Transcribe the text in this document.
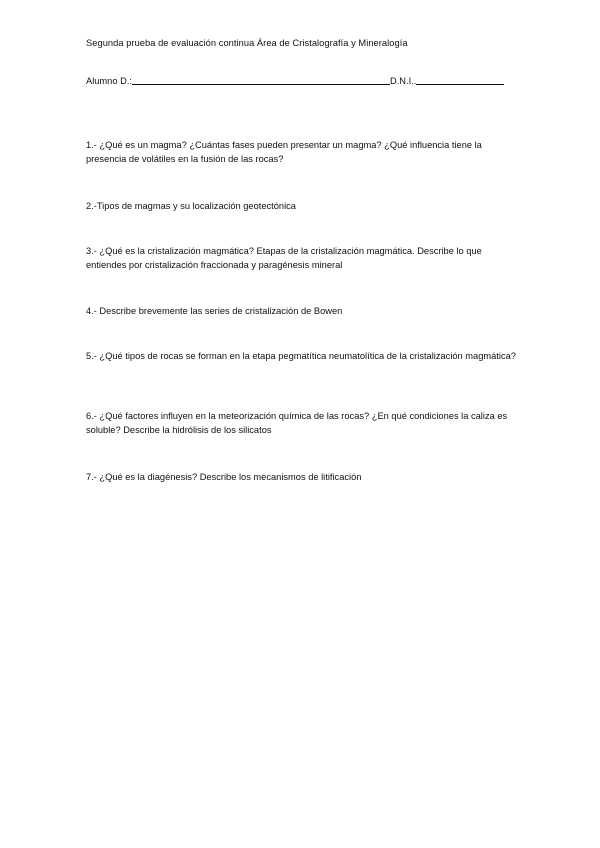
Segunda prueba de evaluación continua Área de Cristalografía y Mineralogía
Alumno D.:	D.N.I..
1.- ¿Qué es un magma? ¿Cuántas fases pueden presentar un magma? ¿Qué influencia tiene la presencia de volátiles en la fusión de las rocas?
2.-Tipos de magmas y su localización geotectónica
3.- ¿Qué es la cristalización magmática? Etapas de la cristalización magmática. Describe lo que entiendes por cristalización fraccionada y paragénesis mineral
4.- Describe brevemente las series de cristalización de Bowen
5.- ¿Qué tipos de rocas se forman en la etapa pegmatítica neumatolítica de la cristalización magmática?
6.- ¿Qué factores influyen en la meteorización química de las rocas? ¿En qué condiciones la caliza es soluble? Describe la hidrólisis de los silicatos
7.- ¿Qué es la diagénesis? Describe los mecanismos de litificación
